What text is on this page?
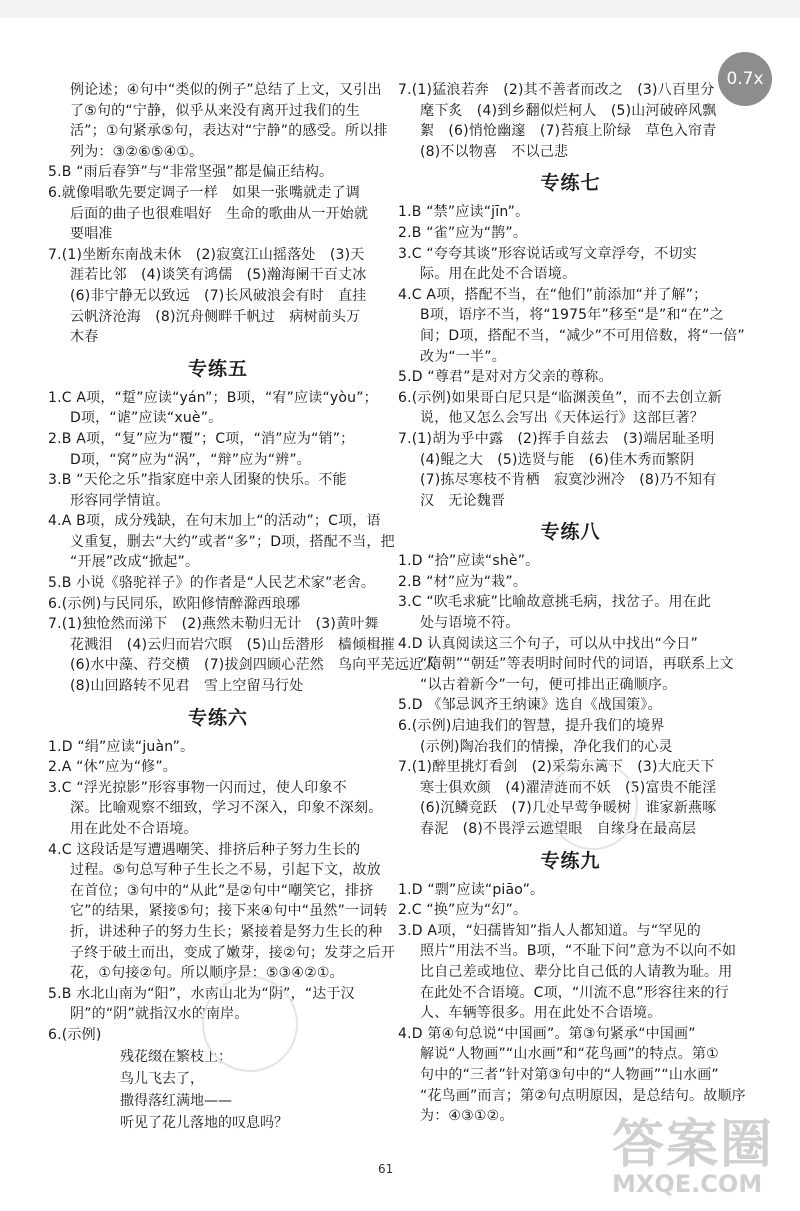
例论述；④句中“类似的例子”总结了上文，又引出
了⑤句的“宁静，似乎从来没有离开过我们的生
活”；①句紧承⑤句，表达对“宁静”的感受。所以排
列为：③②⑥⑤④①。
5.B “雨后春笋”与“非常坚强”都是偏正结构。
6.就像唱歌先要定调子一样　如果一张嘴就走了调
后面的曲子也很难唱好　生命的歌曲从一开始就
要唱准
7.(1)坐断东南战未休　(2)寂寞江山摇落处　(3)天
涯若比邻　(4)谈笑有鸿儒　(5)瀚海阑干百丈冰
(6)非宁静无以致远　(7)长风破浪会有时　直挂
云帆济沧海　(8)沉舟侧畔千帆过　病树前头万
木春
专练五
1.C A项，“踅”应读“yán”；B项，“宥”应读“yòu”；
D项，“谑”应读“xuè”。
2.B A项，“复”应为“覆”；C项，“消”应为“销”；
D项，“窝”应为“涡”，“辩”应为“辨”。
3.B “天伦之乐”指家庭中亲人团聚的快乐。不能
形容同学情谊。
4.A B项，成分残缺，在句末加上“的活动”；C项，语
义重复，删去“大约”或者“多”；D项，搭配不当，把
“开展”改成“掀起”。
5.B 小说《骆驼祥子》的作者是“人民艺术家”老舍。
6.(示例)与民同乐，欧阳修情醉滁西琅琊
7.(1)独怆然而涕下　(2)燕然未勒归无计　(3)黄叶舞
花溅泪　(4)云归而岩穴暝　(5)山岳潜形　樯倾楫摧
(6)水中藻、荇交横　(7)拔剑四顾心茫然　鸟向平芜远近人
(8)山回路转不见君　雪上空留马行处
专练六
1.D “绢”应读“juàn”。
2.A “休”应为“修”。
3.C “浮光掠影”形容事物一闪而过，使人印象不
深。比喻观察不细致，学习不深入，印象不深刻。
用在此处不合语境。
4.C 这段话是写遭遇嘲笑、排挤后种子努力生长的
过程。⑤句总写种子生长之不易，引起下文，故放
在首位；③句中的“从此”是②句中“嘲笑它，排挤
它”的结果，紧接⑤句；接下来④句中“虽然”一词转
折，讲述种子的努力生长；紧接着是努力生长的种
子终于破土而出，变成了嫩芽，接②句；发芽之后开
花，①句接②句。所以顺序是：⑤③④②①。
5.B 水北山南为“阳”，水南山北为“阴”，“达于汉
阴”的“阴”就指汉水的南岸。
6.(示例)
残花缀在繁枝上；
鸟儿飞去了，
撒得落红满地——
听见了花儿落地的叹息吗？
7.(1)猛浪若奔　(2)其不善者而改之　(3)八百里分
麾下炙　(4)到乡翻似烂柯人　(5)山河破碎风飘
絮　(6)悄怆幽邃　(7)苔痕上阶绿　草色入帘青
(8)不以物喜　不以己悲
专练七
1.B “禁”应读“jīn”。
2.B “雀”应为“鹊”。
3.C “夸夸其谈”形容说话或写文章浮夸，不切实
际。用在此处不合语境。
4.C A项，搭配不当，在“他们”前添加“并了解”；
B项，语序不当，将“1975年”移至“是”和“在”之
间；D项，搭配不当，“减少”不可用倍数，将“一倍”
改为“一半”。
5.D “尊君”是对对方父亲的尊称。
6.(示例)如果哥白尼只是“临渊羡鱼”，而不去创立新
说，他又怎么会写出《天体运行》这部巨著？
7.(1)胡为乎中露　(2)挥手自兹去　(3)端居耻圣明
(4)鲲之大　(5)选贤与能　(6)佳木秀而繁阴
(7)拣尽寒枝不肯栖　寂寞沙洲冷　(8)乃不知有
汉　无论魏晋
专练八
1.D “拾”应读“shè”。
2.B “材”应为“栽”。
3.C “吹毛求疵”比喻故意挑毛病，找岔子。用在此
处与语境不符。
4.D 认真阅读这三个句子，可以从中找出“今日”
“隋朝”“朝廷”等表明时间时代的词语，再联系上文
“以古着新今”一句，便可排出正确顺序。
5.D 《邹忌讽齐王纳谏》选自《战国策》。
6.(示例)启迪我们的智慧，提升我们的境界
(示例)陶冶我们的情操，净化我们的心灵
7.(1)醉里挑灯看剑　(2)采菊东篱下　(3)大庇天下
寒士俱欢颜　(4)濯清涟而不妖　(5)富贵不能淫
(6)沉鳞竞跃　(7)几处早莺争暖树　谁家新燕啄
春泥　(8)不畏浮云遮望眼　自缘身在最高层
专练九
1.D “剽”应读“piāo”。
2.C “换”应为“幻”。
3.D A项，“妇孺皆知”指人人都知道。与“罕见的
照片”用法不当。B项，“不耻下问”意为不以向不如
比自己差或地位、辈分比自己低的人请教为耻。用
在此处不合语境。C项，“川流不息”形容往来的行
人、车辆等很多。用在此处不合语境。
4.D 第④句总说“中国画”。第③句紧承“中国画”
解说“人物画”“山水画”和“花鸟画”的特点。第①
句中的“三者”针对第③句中的“人物画”“山水画”
“花鸟画”而言；第②句点明原因，是总结句。故顺序
为：④③①②。
61
0.7x
答案圈
MXQE.COM
